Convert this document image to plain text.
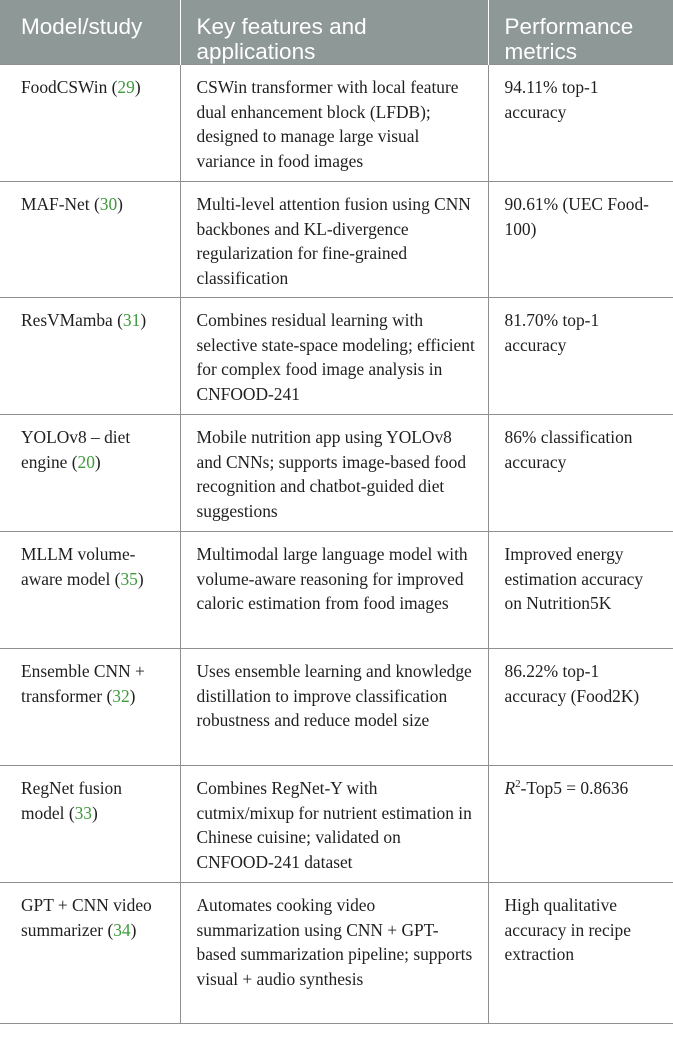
Model/study	Key features and applications	Performance metrics
FoodCSWin (29)	CSWin transformer with local feature dual enhancement block (LFDB); designed to manage large visual variance in food images	94.11% top-1 accuracy
MAF-Net (30)	Multi-level attention fusion using CNN backbones and KL-divergence regularization for fine-grained classification	90.61% (UEC Food-100)
ResVMamba (31)	Combines residual learning with selective state-space modeling; efficient for complex food image analysis in CNFOOD-241	81.70% top-1 accuracy
YOLOv8 – diet engine (20)	Mobile nutrition app using YOLOv8 and CNNs; supports image-based food recognition and chatbot-guided diet suggestions	86% classification accuracy
MLLM volume-aware model (35)	Multimodal large language model with volume-aware reasoning for improved caloric estimation from food images	Improved energy estimation accuracy on Nutrition5K
Ensemble CNN + transformer (32)	Uses ensemble learning and knowledge distillation to improve classification robustness and reduce model size	86.22% top-1 accuracy (Food2K)
RegNet fusion model (33)	Combines RegNet-Y with cutmix/mixup for nutrient estimation in Chinese cuisine; validated on CNFOOD-241 dataset	$R^2-Top5 = 0.8636$
GPT + CNN video summarizer (34)	Automates cooking video summarization using CNN + GPT-based summarization pipeline; supports visual + audio synthesis	High qualitative accuracy in recipe extraction
